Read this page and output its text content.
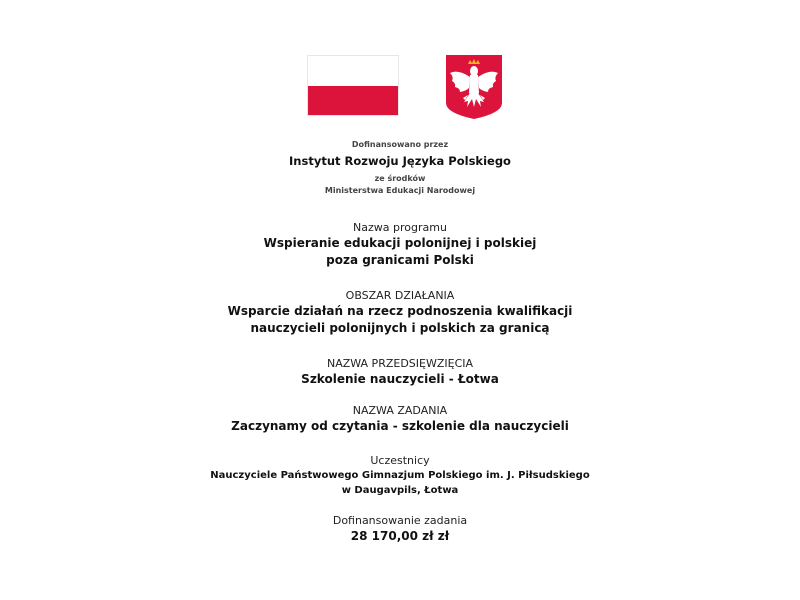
Dofinansowano przez
Instytut Rozwoju Języka Polskiego
ze środków
Ministerstwa Edukacji Narodowej
Nazwa programu
Wspieranie edukacji polonijnej i polskiej
poza granicami Polski
OBSZAR DZIAŁANIA
Wsparcie działań na rzecz podnoszenia kwalifikacji
nauczycieli polonijnych i polskich za granicą
NAZWA PRZEDSIĘWZIĘCIA
Szkolenie nauczycieli - Łotwa
NAZWA ZADANIA
Zaczynamy od czytania - szkolenie dla nauczycieli
Uczestnicy
Nauczyciele Państwowego Gimnazjum Polskiego im. J. Piłsudskiego
w Daugavpils, Łotwa
Dofinansowanie zadania
28 170,00 zł zł
